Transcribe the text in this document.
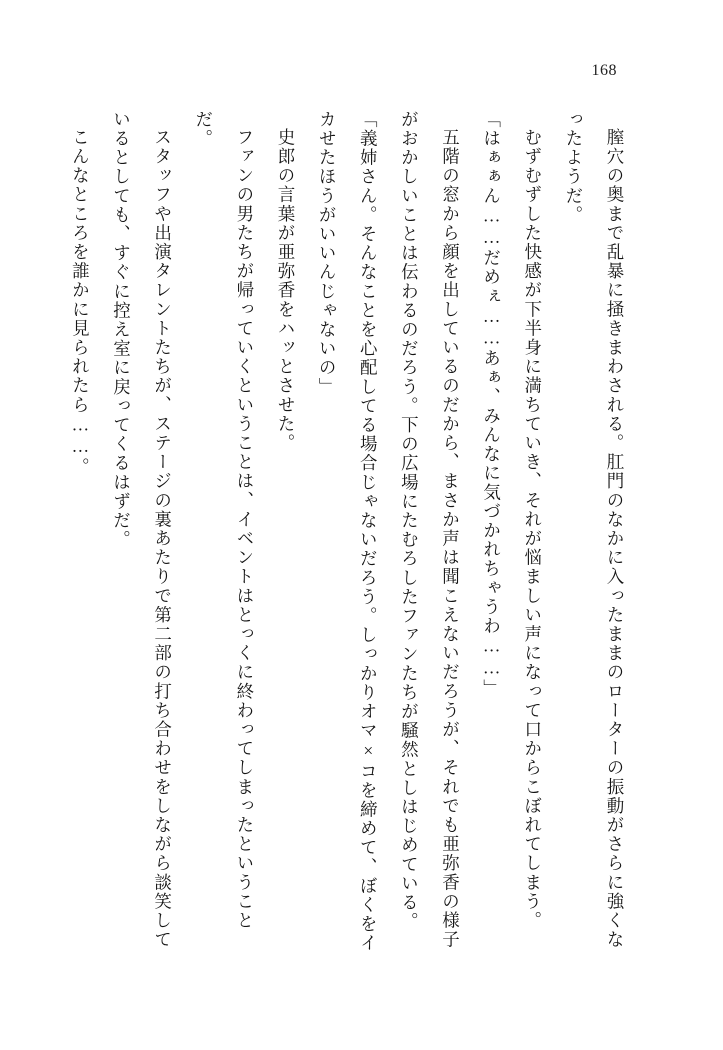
168

膣穴の奥まで乱暴に掻きまわされる。肛門のなかに入ったままのローターの振動がさらに強くなったようだ。

むずむずした快感が下半身に満ちていき、それが悩ましい声になって口からこぼれてしまう。

「はぁぁん……だめぇ……あぁ、みんなに気づかれちゃうわ……」

五階の窓から顔を出しているのだから、まさか声は聞こえないだろうが、それでも亜弥香の様子がおかしいことは伝わるのだろう。下の広場にたむろしたファンたちが騒然としはじめている。

「義姉さん。そんなことを心配してる場合じゃないだろう。しっかりオマ×コを締めて、ぼくをイカせたほうがいいんじゃないの」

史郎の言葉が亜弥香をハッとさせた。

ファンの男たちが帰っていくということは、イベントはとっくに終わってしまったということだ。

スタッフや出演タレントたちが、ステージの裏あたりで第二部の打ち合わせをしながら談笑しているとしても、すぐに控え室に戻ってくるはずだ。

こんなところを誰かに見られたら……。
